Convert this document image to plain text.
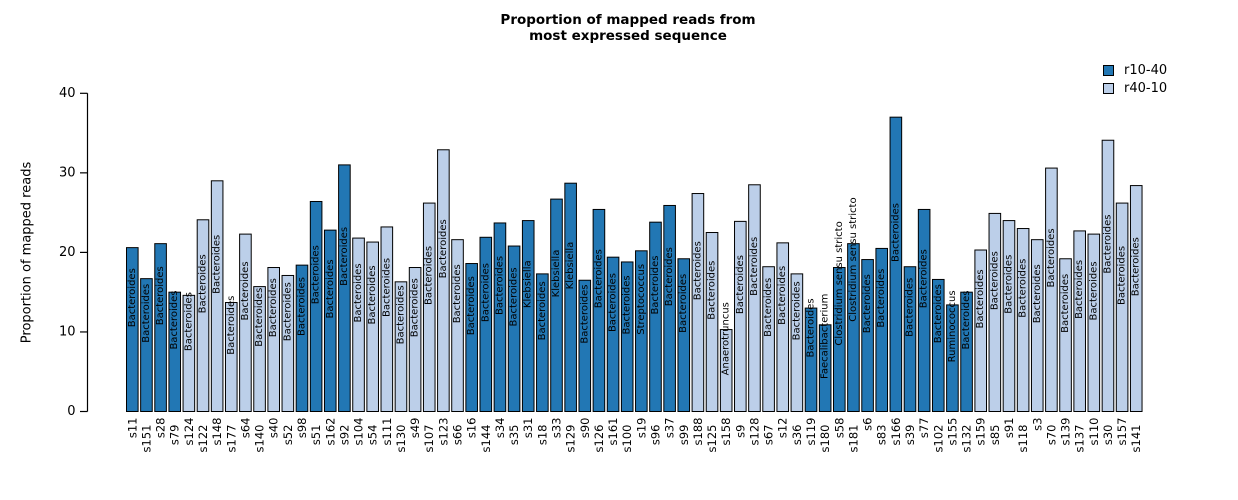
Proportion of mapped reads from
most expressed sequence
Proportion of mapped reads
r10-40
r40-10
0
10
20
30
40
Bacteroides
s11
Bacteroides
s151
Bacteroides
s28
Bacteroides
s79
Bacteroides
s124
Bacteroides
s122
Bacteroides
s148
Bacteroides
s177
Bacteroides
s64
Bacteroides
s140
Bacteroides
s40
Bacteroides
s52
Bacteroides
s98
Bacteroides
s51
Bacteroides
s162
Bacteroides
s92
Bacteroides
s104
Bacteroides
s54
Bacteroides
s111
Bacteroides
s130
Bacteroides
s49
Bacteroides
s107
Bacteroides
s123
Bacteroides
s66
Bacteroides
s16
Bacteroides
s144
Bacteroides
s34
Bacteroides
s35
Klebsiella
s31
Bacteroides
s18
Klebsiella
s33
Klebsiella
s129
Bacteroides
s90
Bacteroides
s126
Bacteroides
s161
Bacteroides
s100
Streptococcus
s19
Bacteroides
s96
Bacteroides
s37
Bacteroides
s99
Bacteroides
s188
Bacteroides
s125
Anaerotruncus
s158
Bacteroides
s9
Bacteroides
s128
Bacteroides
s67
Bacteroides
s12
Bacteroides
s36
Bacteroides
s119
Faecalibacterium
s180
Clostridium sensu stricto
s58
Clostridium sensu stricto
s181
Bacteroides
s6
Bacteroides
s83
Bacteroides
s166
Bacteroides
s39
Bacteroides
s77
Bacteroides
s102
Ruminococcus
s155
Bacteroides
s132
Bacteroides
s159
Bacteroides
s85
Bacteroides
s91
Bacteroides
s118
Bacteroides
s3
Bacteroides
s70
Bacteroides
s139
Bacteroides
s137
Bacteroides
s110
Bacteroides
s30
Bacteroides
s157
Bacteroides
s141
